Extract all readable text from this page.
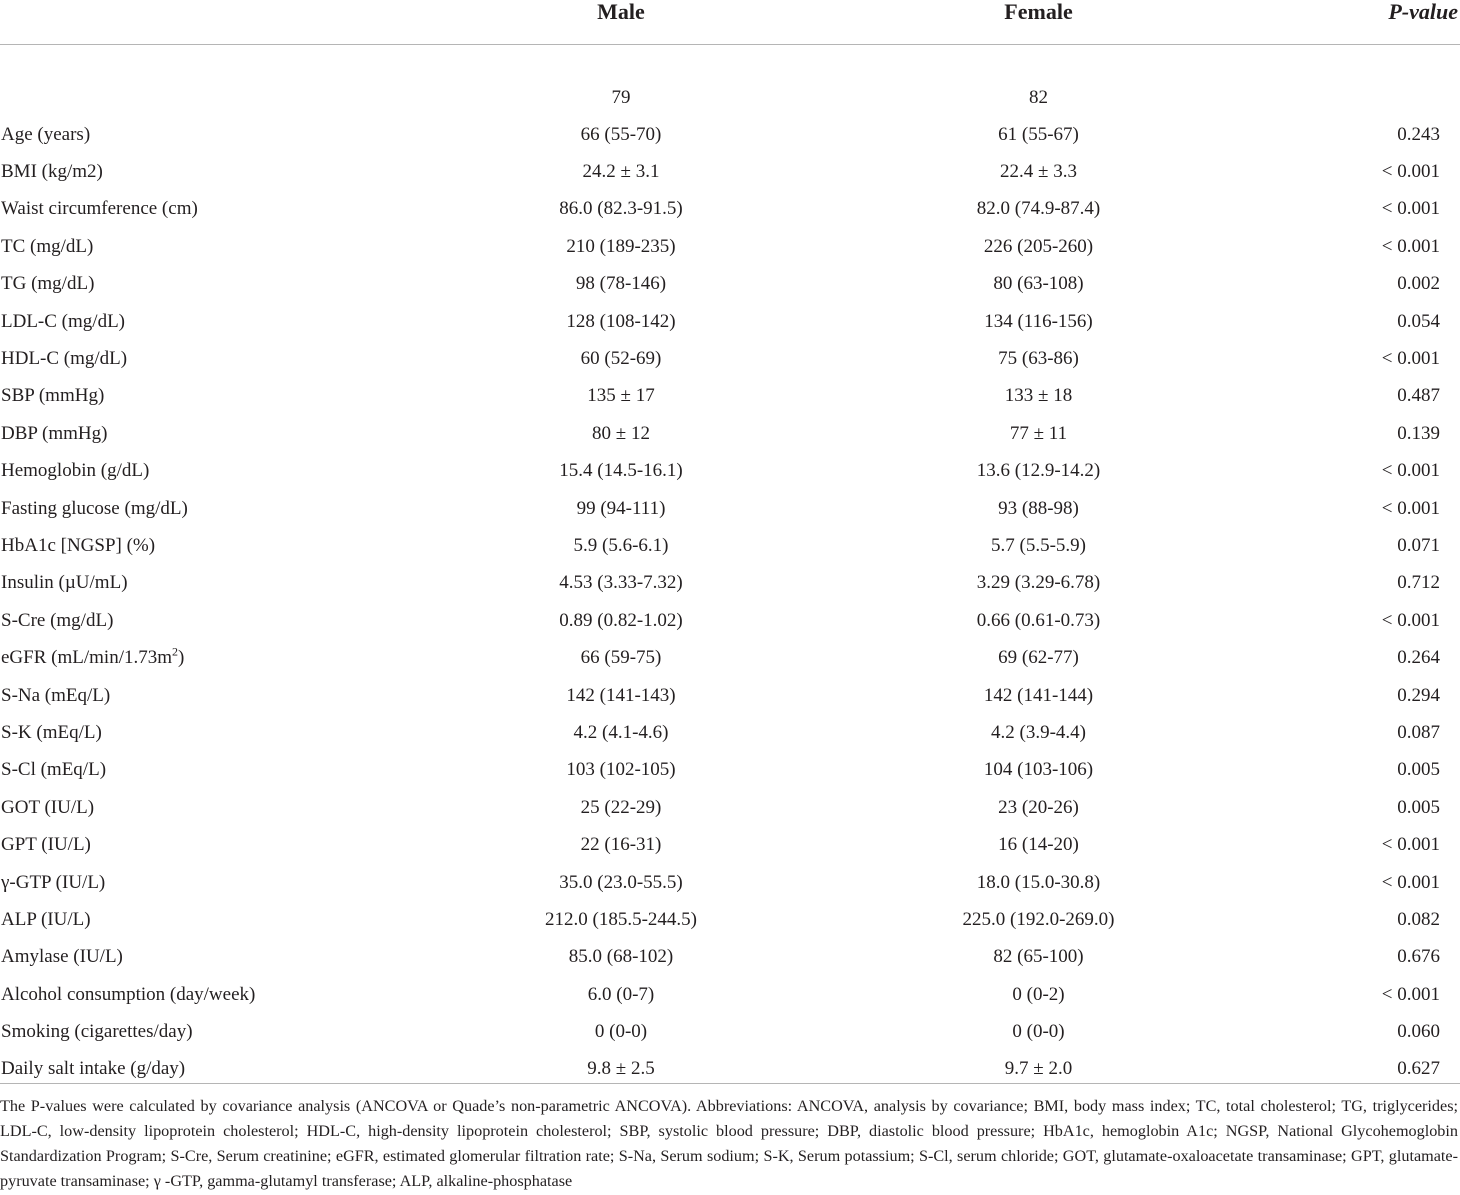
	Male	Female	P-value
	79	82	
Age (years)	66 (55-70)	61 (55-67)	0.243
BMI (kg/m2)	24.2 ± 3.1	22.4 ± 3.3	< 0.001
Waist circumference (cm)	86.0 (82.3-91.5)	82.0 (74.9-87.4)	< 0.001
TC (mg/dL)	210 (189-235)	226 (205-260)	< 0.001
TG (mg/dL)	98 (78-146)	80 (63-108)	0.002
LDL-C (mg/dL)	128 (108-142)	134 (116-156)	0.054
HDL-C (mg/dL)	60 (52-69)	75 (63-86)	< 0.001
SBP (mmHg)	135 ± 17	133 ± 18	0.487
DBP (mmHg)	80 ± 12	77 ± 11	0.139
Hemoglobin (g/dL)	15.4 (14.5-16.1)	13.6 (12.9-14.2)	< 0.001
Fasting glucose (mg/dL)	99 (94-111)	93 (88-98)	< 0.001
HbA1c [NGSP] (%)	5.9 (5.6-6.1)	5.7 (5.5-5.9)	0.071
Insulin (µU/mL)	4.53 (3.33-7.32)	3.29 (3.29-6.78)	0.712
S-Cre (mg/dL)	0.89 (0.82-1.02)	0.66 (0.61-0.73)	< 0.001
eGFR $(mL/\min/1.73m^2)$	66 (59-75)	69 (62-77)	0.264
S-Na (mEq/L)	142 (141-143)	142 (141-144)	0.294
S-K (mEq/L)	4.2 (4.1-4.6)	4.2 (3.9-4.4)	0.087
S-Cl (mEq/L)	103 (102-105)	104 (103-106)	0.005
GOT (IU/L)	25 (22-29)	23 (20-26)	0.005
GPT (IU/L)	22 (16-31)	16 (14-20)	< 0.001
γ-GTP (IU/L)	35.0 (23.0-55.5)	18.0 (15.0-30.8)	< 0.001
ALP (IU/L)	212.0 (185.5-244.5)	225.0 (192.0-269.0)	0.082
Amylase (IU/L)	85.0 (68-102)	82 (65-100)	0.676
Alcohol consumption (day/week)	6.0 (0-7)	0 (0-2)	< 0.001
Smoking (cigarettes/day)	0 (0-0)	0 (0-0)	0.060
Daily salt intake (g/day)	9.8 ± 2.5	9.7 ± 2.0	0.627
The P-values were calculated by covariance analysis (ANCOVA or Quade’s non-parametric ANCOVA). Abbreviations: ANCOVA, analysis by covariance; BMI, body mass index; TC, total cholesterol; TG, triglycerides; LDL-C, low-density lipoprotein cholesterol; HDL-C, high-density lipoprotein cholesterol; SBP, systolic blood pressure; DBP, diastolic blood pressure; HbA1c, hemoglobin A1c; NGSP, National Glycohemoglobin Standardization Program; S-Cre, Serum creatinine; eGFR, estimated glomerular filtration rate; S-Na, Serum sodium; S-K, Serum potassium; S-Cl, serum chloride; GOT, glutamate-oxaloacetate transaminase; GPT, glutamate-pyruvate transaminase; γ -GTP, gamma-glutamyl transferase; ALP, alkaline-phosphatase
